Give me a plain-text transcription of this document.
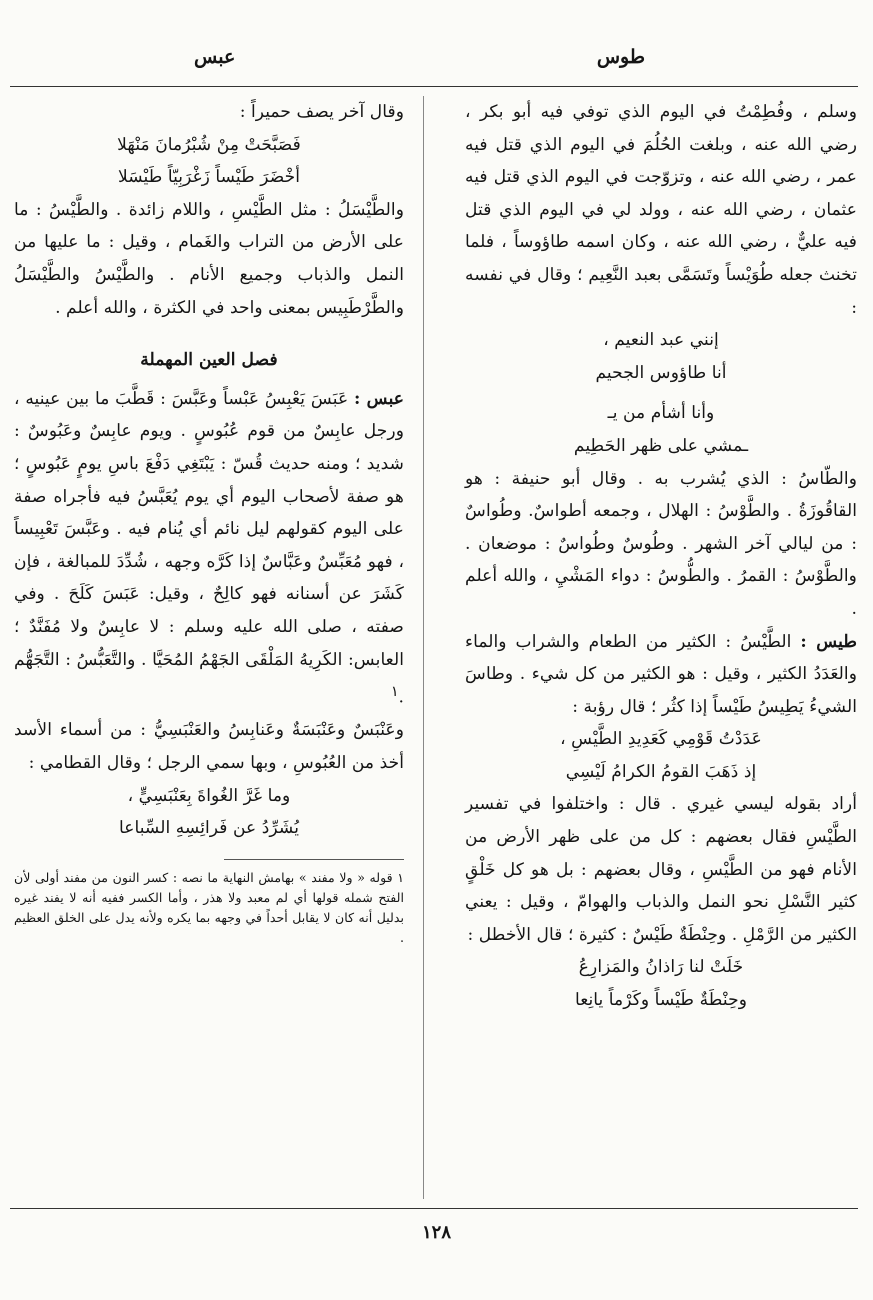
طوس
عبس

وسلم ، وفُطِمْتُ في اليوم الذي توفي فيه أبو بكر ، رضي الله عنه ، وبلغت الحُلُمَ في اليوم الذي قتل فيه عمر ، رضي الله عنه ، وتزوّجت في اليوم الذي قتل فيه عثمان ، رضي الله عنه ، وولد لي في اليوم الذي قتل فيه عليٌّ ، رضي الله عنه ، وكان اسمه طاؤوساً ، فلما تخنث جعله طُوَيْساً وتَسَمَّى بعبد النَّعِيم ؛ وقال في نفسه :

إنني عبد النعيم ،

أنا طاؤوس الجحيم

وأنا أشأم من يـ

ـمشي على ظهر الحَطِيم

والطّاسُ : الذي يُشرب به . وقال أبو حنيفة : هو القاقُوزَةُ . والطَّوْسُ : الهلال ، وجمعه أطواسٌ. وطُواسٌ : من ليالي آخر الشهر . وطُوسٌ وطُواسٌ : موضعان . والطَّوْسُ : القمرُ . والطُّوسُ : دواء المَشْيِ ، والله أعلم .

طيس : الطَّيْسُ : الكثير من الطعام والشراب والماء والعَدَدُ الكثير ، وقيل : هو الكثير من كل شيء . وطاسَ الشيءُ يَطِيسُ طَيْساً إذا كثُر ؛ قال رؤبة :

عَدَدْتُ قَوْمِي كَعَدِيدِ الطَّيْسِ ،

إذ ذَهَبَ القومُ الكرامُ لَيْسِي

أراد بقوله ليسي غيري . قال : واختلفوا في تفسير الطَّيْسِ فقال بعضهم : كل من على ظهر الأرض من الأنام فهو من الطَّيْسِ ، وقال بعضهم : بل هو كل خَلْقٍ كثير النَّسْلِ نحو النمل والذباب والهوامّ ، وقيل : يعني الكثير من الرَّمْلِ . وحِنْطَةٌ طَيْسٌ : كثيرة ؛ قال الأخطل :

خَلَتْ لنا رَاذانُ والمَزارِعُ

وحِنْطَةٌ طَيْساً وكَرْماً يانِعا

وقال آخر يصف حميراً :

فَصَبَّحَتْ مِنْ شُبْرُمانَ مَنْهَلا

أخْضَرَ طَيْساً زَغْرَبِيّاً طَيْسَلا

والطَّيْسَلُ : مثل الطَّيْسِ ، واللام زائدة . والطَّيْسُ : ما على الأرض من التراب والغَمام ، وقيل : ما عليها من النمل والذباب وجميع الأنام . والطَّيْسُ والطَّيْسَلُ والطَّرْطَبِيس بمعنى واحد في الكثرة ، والله أعلم .

فصل العين المهملة

عبس : عَبَسَ يَعْبِسُ عَبْساً وعَبَّسَ : قَطَّبَ ما بين عينيه ، ورجل عابِسٌ من قوم عُبُوسٍ . ويوم عابِسٌ وعَبُوسٌ : شديد ؛ ومنه حديث قُسّ : يَبْتَغِي دَفْعَ باسِ يومٍ عَبُوسٍ ؛ هو صفة لأصحاب اليوم أي يوم يُعَبَّسُ فيه فأجراه صفة على اليوم كقولهم ليل نائم أي يُنام فيه . وعَبَّسَ تَعْبِيساً ، فهو مُعَبِّسٌ وعَبَّاسٌ إذا كَرَّه وجهه ، شُدِّدَ للمبالغة ، فإن كَشَرَ عن أسنانه فهو كالِحٌ ، وقيل: عَبَسَ كَلَحَ . وفي صفته ، صلى الله عليه وسلم : لا عابِسٌ ولا مُفَنَّدٌ ؛ العابس: الكَرِيهُ المَلْقَى الجَهْمُ المُحَيَّا . والتَّعَبُّسُ : التَّجَهُّم .$^١$

وعَنْبَسٌ وعَنْبَسَةٌ وعَنابِسُ والعَنْبَسِيُّ : من أسماء الأسد أخذ من العُبُوسِ ، وبها سمي الرجل ؛ وقال القطامي :

وما غَرَّ الغُواةَ بِعَنْبَسِيٍّ ،

يُشَرِّدُ عن فَرائِسِهِ السِّباعا

١ قوله « ولا مفند » بهامش النهاية ما نصه : كسر النون من مفند أولى لأن الفتح شمله قولها أي لم معبد ولا هذر ، وأما الكسر ففيه أنه لا يفند غيره بدليل أنه كان لا يقابل أحداً في وجهه بما يكره ولأنه يدل على الخلق العظيم .

١٢٨
